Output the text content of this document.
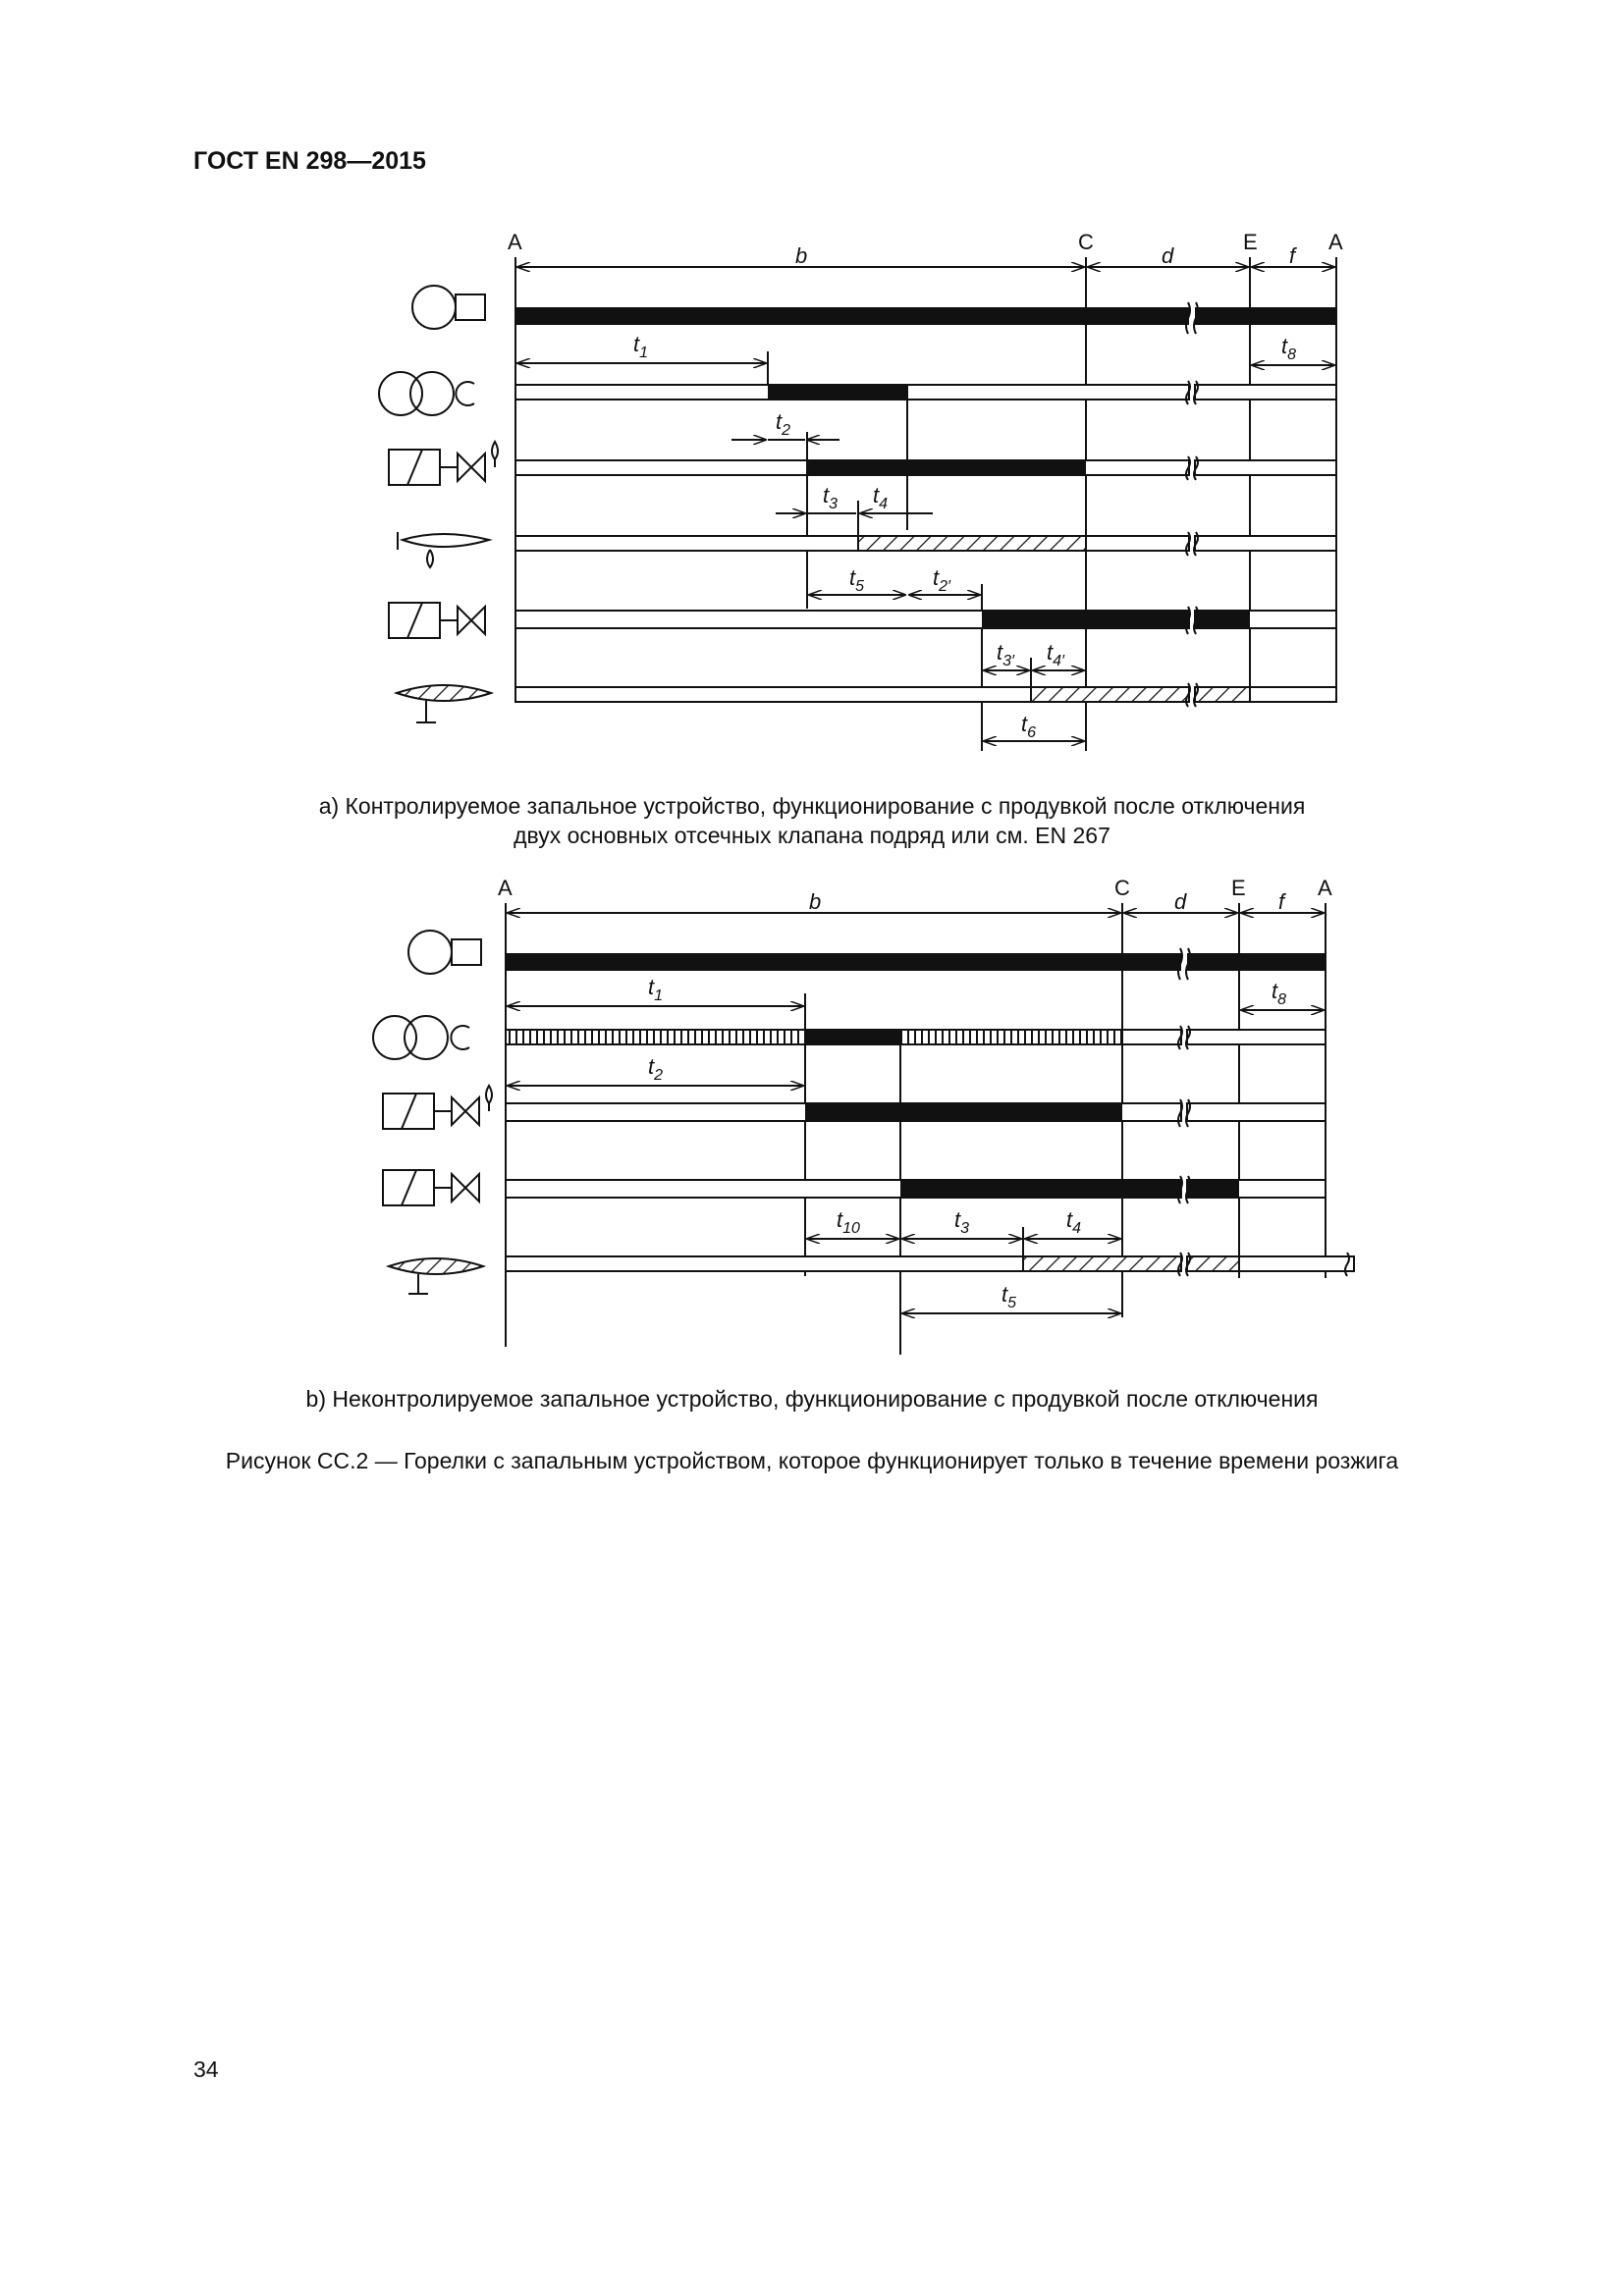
ГОСТ EN 298—2015
A	C	E	A
b	d	f
$t_1$	$t_8$
$t_2$
$t_3$ $t_4$
$t_5$	$t_{2'}$
$t_{3'}$ $t_{4'}$
$t_6$
A	C	E	A
b	d	f
$t_1$	$t_8$
$t_2$
$t_{10}$	$t_3$	$t_4$
$t_5$
a) Контролируемое запальное устройство, функционирование с продувкой после отключения
двух основных отсечных клапана подряд или см. EN 267
b) Неконтролируемое запальное устройство, функционирование с продувкой после отключения
Рисунок СС.2 — Горелки с запальным устройством, которое функционирует только в течение времени розжига
34
